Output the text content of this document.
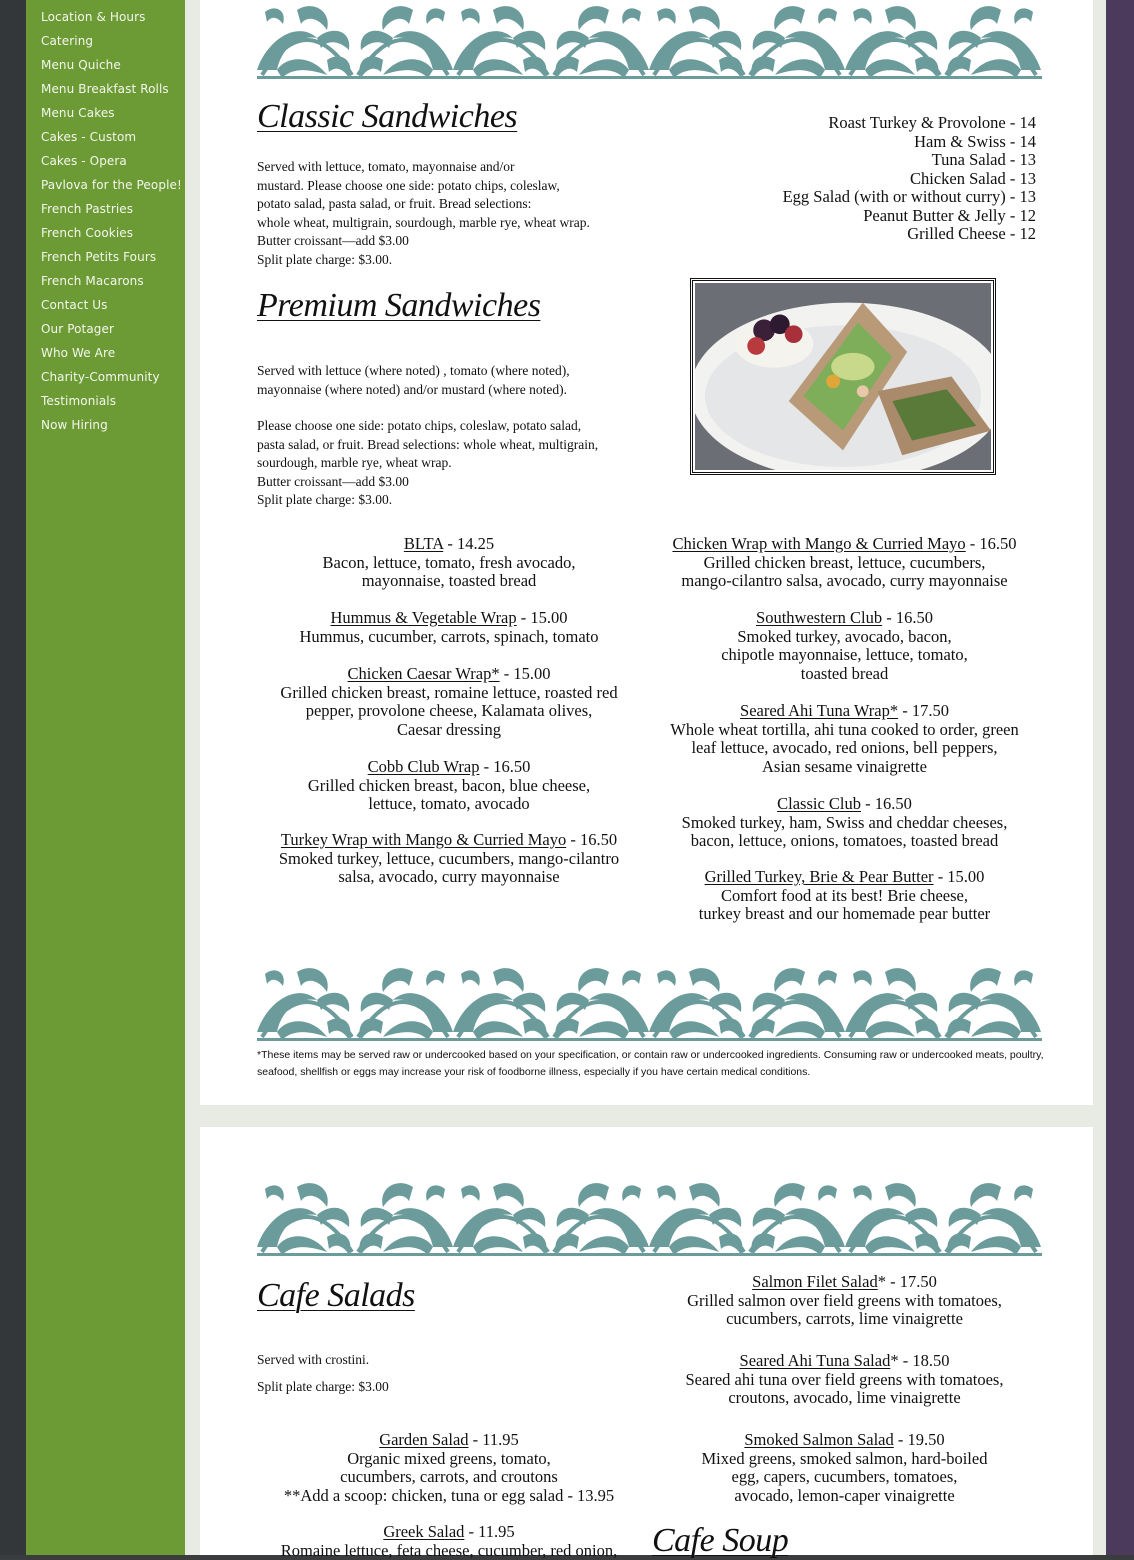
Location & Hours
Catering
Menu Quiche
Menu Breakfast Rolls
Menu Cakes
Cakes - Custom
Cakes - Opera
Pavlova for the People!
French Pastries
French Cookies
French Petits Fours
French Macarons
Contact Us
Our Potager
Who We Are
Charity-Community
Testimonials
Now Hiring
Classic Sandwiches

Served with lettuce, tomato, mayonnaise and/or
mustard. Please choose one side: potato chips, coleslaw,
potato salad, pasta salad, or fruit. Bread selections:
whole wheat, multigrain, sourdough, marble rye, wheat wrap.
Butter croissant—add $3.00
Split plate charge: $3.00.

Roast Turkey & Provolone - 14
Ham & Swiss - 14
Tuna Salad - 13
Chicken Salad - 13
Egg Salad (with or without curry) - 13
Peanut Butter & Jelly - 12
Grilled Cheese - 12
Premium Sandwiches

Served with lettuce (where noted) , tomato (where noted),
mayonnaise (where noted) and/or mustard (where noted).

Please choose one side: potato chips, coleslaw, potato salad,
pasta salad, or fruit. Bread selections: whole wheat, multigrain,
sourdough, marble rye, wheat wrap.
Butter croissant—add $3.00
Split plate charge: $3.00.

BLTA - 14.25
Bacon, lettuce, tomato, fresh avocado,
mayonnaise, toasted bread
Hummus & Vegetable Wrap - 15.00
Hummus, cucumber, carrots, spinach, tomato
Chicken Caesar Wrap* - 15.00
Grilled chicken breast, romaine lettuce, roasted red
pepper, provolone cheese, Kalamata olives,
Caesar dressing
Cobb Club Wrap - 16.50
Grilled chicken breast, bacon, blue cheese,
lettuce, tomato, avocado
Turkey Wrap with Mango & Curried Mayo - 16.50
Smoked turkey, lettuce, cucumbers, mango-cilantro
salsa, avocado, curry mayonnaise
Chicken Wrap with Mango & Curried Mayo - 16.50
Grilled chicken breast, lettuce, cucumbers,
mango-cilantro salsa, avocado, curry mayonnaise
Southwestern Club - 16.50
Smoked turkey, avocado, bacon,
chipotle mayonnaise, lettuce, tomato,
toasted bread
Seared Ahi Tuna Wrap* - 17.50
Whole wheat tortilla, ahi tuna cooked to order, green
leaf lettuce, avocado, red onions, bell peppers,
Asian sesame vinaigrette
Classic Club - 16.50
Smoked turkey, ham, Swiss and cheddar cheeses,
bacon, lettuce, onions, tomatoes, toasted bread
Grilled Turkey, Brie & Pear Butter - 15.00
Comfort food at its best! Brie cheese,
turkey breast and our homemade pear butter

*These items may be served raw or undercooked based on your specification, or contain raw or undercooked ingredients. Consuming raw or undercooked meats, poultry, seafood, shellfish or eggs may increase your risk of foodborne illness, especially if you have certain medical conditions.

Cafe Salads

Served with crostini.

Split plate charge: $3.00

Garden Salad - 11.95
Organic mixed greens, tomato,
cucumbers, carrots, and croutons
**Add a scoop: chicken, tuna or egg salad - 13.95
Greek Salad - 11.95
Romaine lettuce, feta cheese, cucumber, red onion,
Salmon Filet Salad* - 17.50
Grilled salmon over field greens with tomatoes,
cucumbers, carrots, lime vinaigrette
Seared Ahi Tuna Salad* - 18.50
Seared ahi tuna over field greens with tomatoes,
croutons, avocado, lime vinaigrette
Smoked Salmon Salad - 19.50
Mixed greens, smoked salmon, hard-boiled
egg, capers, cucumbers, tomatoes,
avocado, lemon-caper vinaigrette
Cafe Soup
